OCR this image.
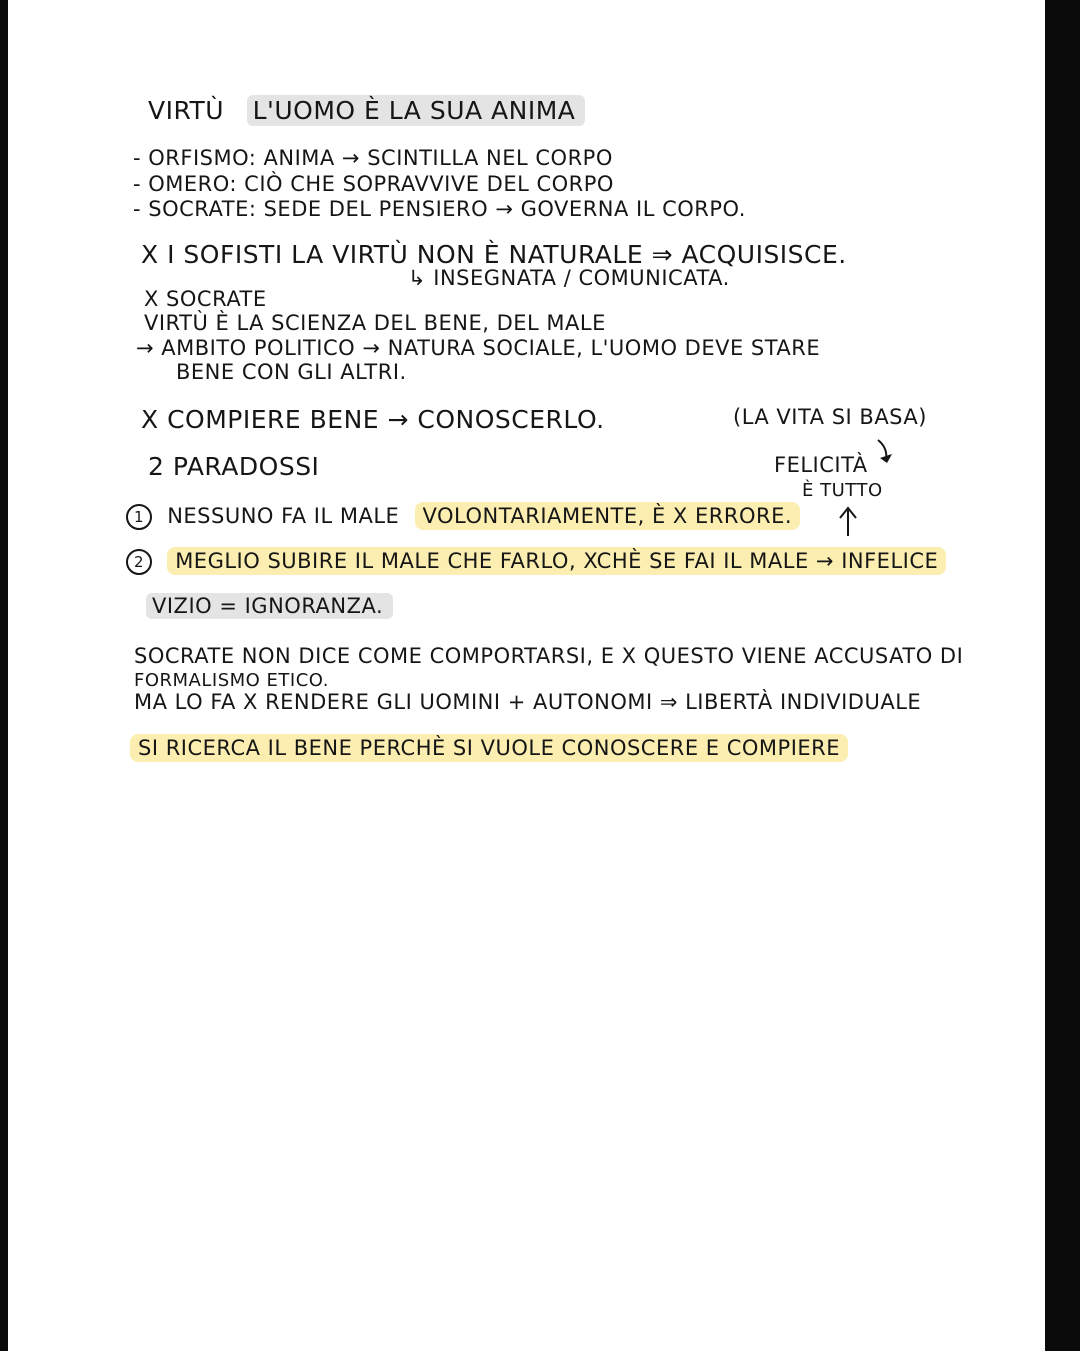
VIRTÙ L'UOMO È LA SUA ANIMA
- ORFISMO: ANIMA → SCINTILLA NEL CORPO
- OMERO: CIÒ CHE SOPRAVVIVE DEL CORPO
- SOCRATE: SEDE DEL PENSIERO → GOVERNA IL CORPO.
X I SOFISTI LA VIRTÙ NON È NATURALE ⇒ ACQUISISCE.
↳ INSEGNATA / COMUNICATA.
X SOCRATE
VIRTÙ È LA SCIENZA DEL BENE, DEL MALE
→ AMBITO POLITICO → NATURA SOCIALE, L'UOMO DEVE STARE
BENE CON GLI ALTRI.
X COMPIERE BENE → CONOSCERLO.	(LA VITA SI BASA)
2 PARADOSSI	FELICITÀ
È TUTTO
1 NESSUNO FA IL MALE VOLONTARIAMENTE, È X ERRORE.
2 MEGLIO SUBIRE IL MALE CHE FARLO, XCHÈ SE FAI IL MALE → INFELICE
VIZIO = IGNORANZA.
SOCRATE NON DICE COME COMPORTARSI, E X QUESTO VIENE ACCUSATO DI
FORMALISMO ETICO.
MA LO FA X RENDERE GLI UOMINI + AUTONOMI ⇒ LIBERTÀ INDIVIDUALE
SI RICERCA IL BENE PERCHÈ SI VUOLE CONOSCERE E COMPIERE
